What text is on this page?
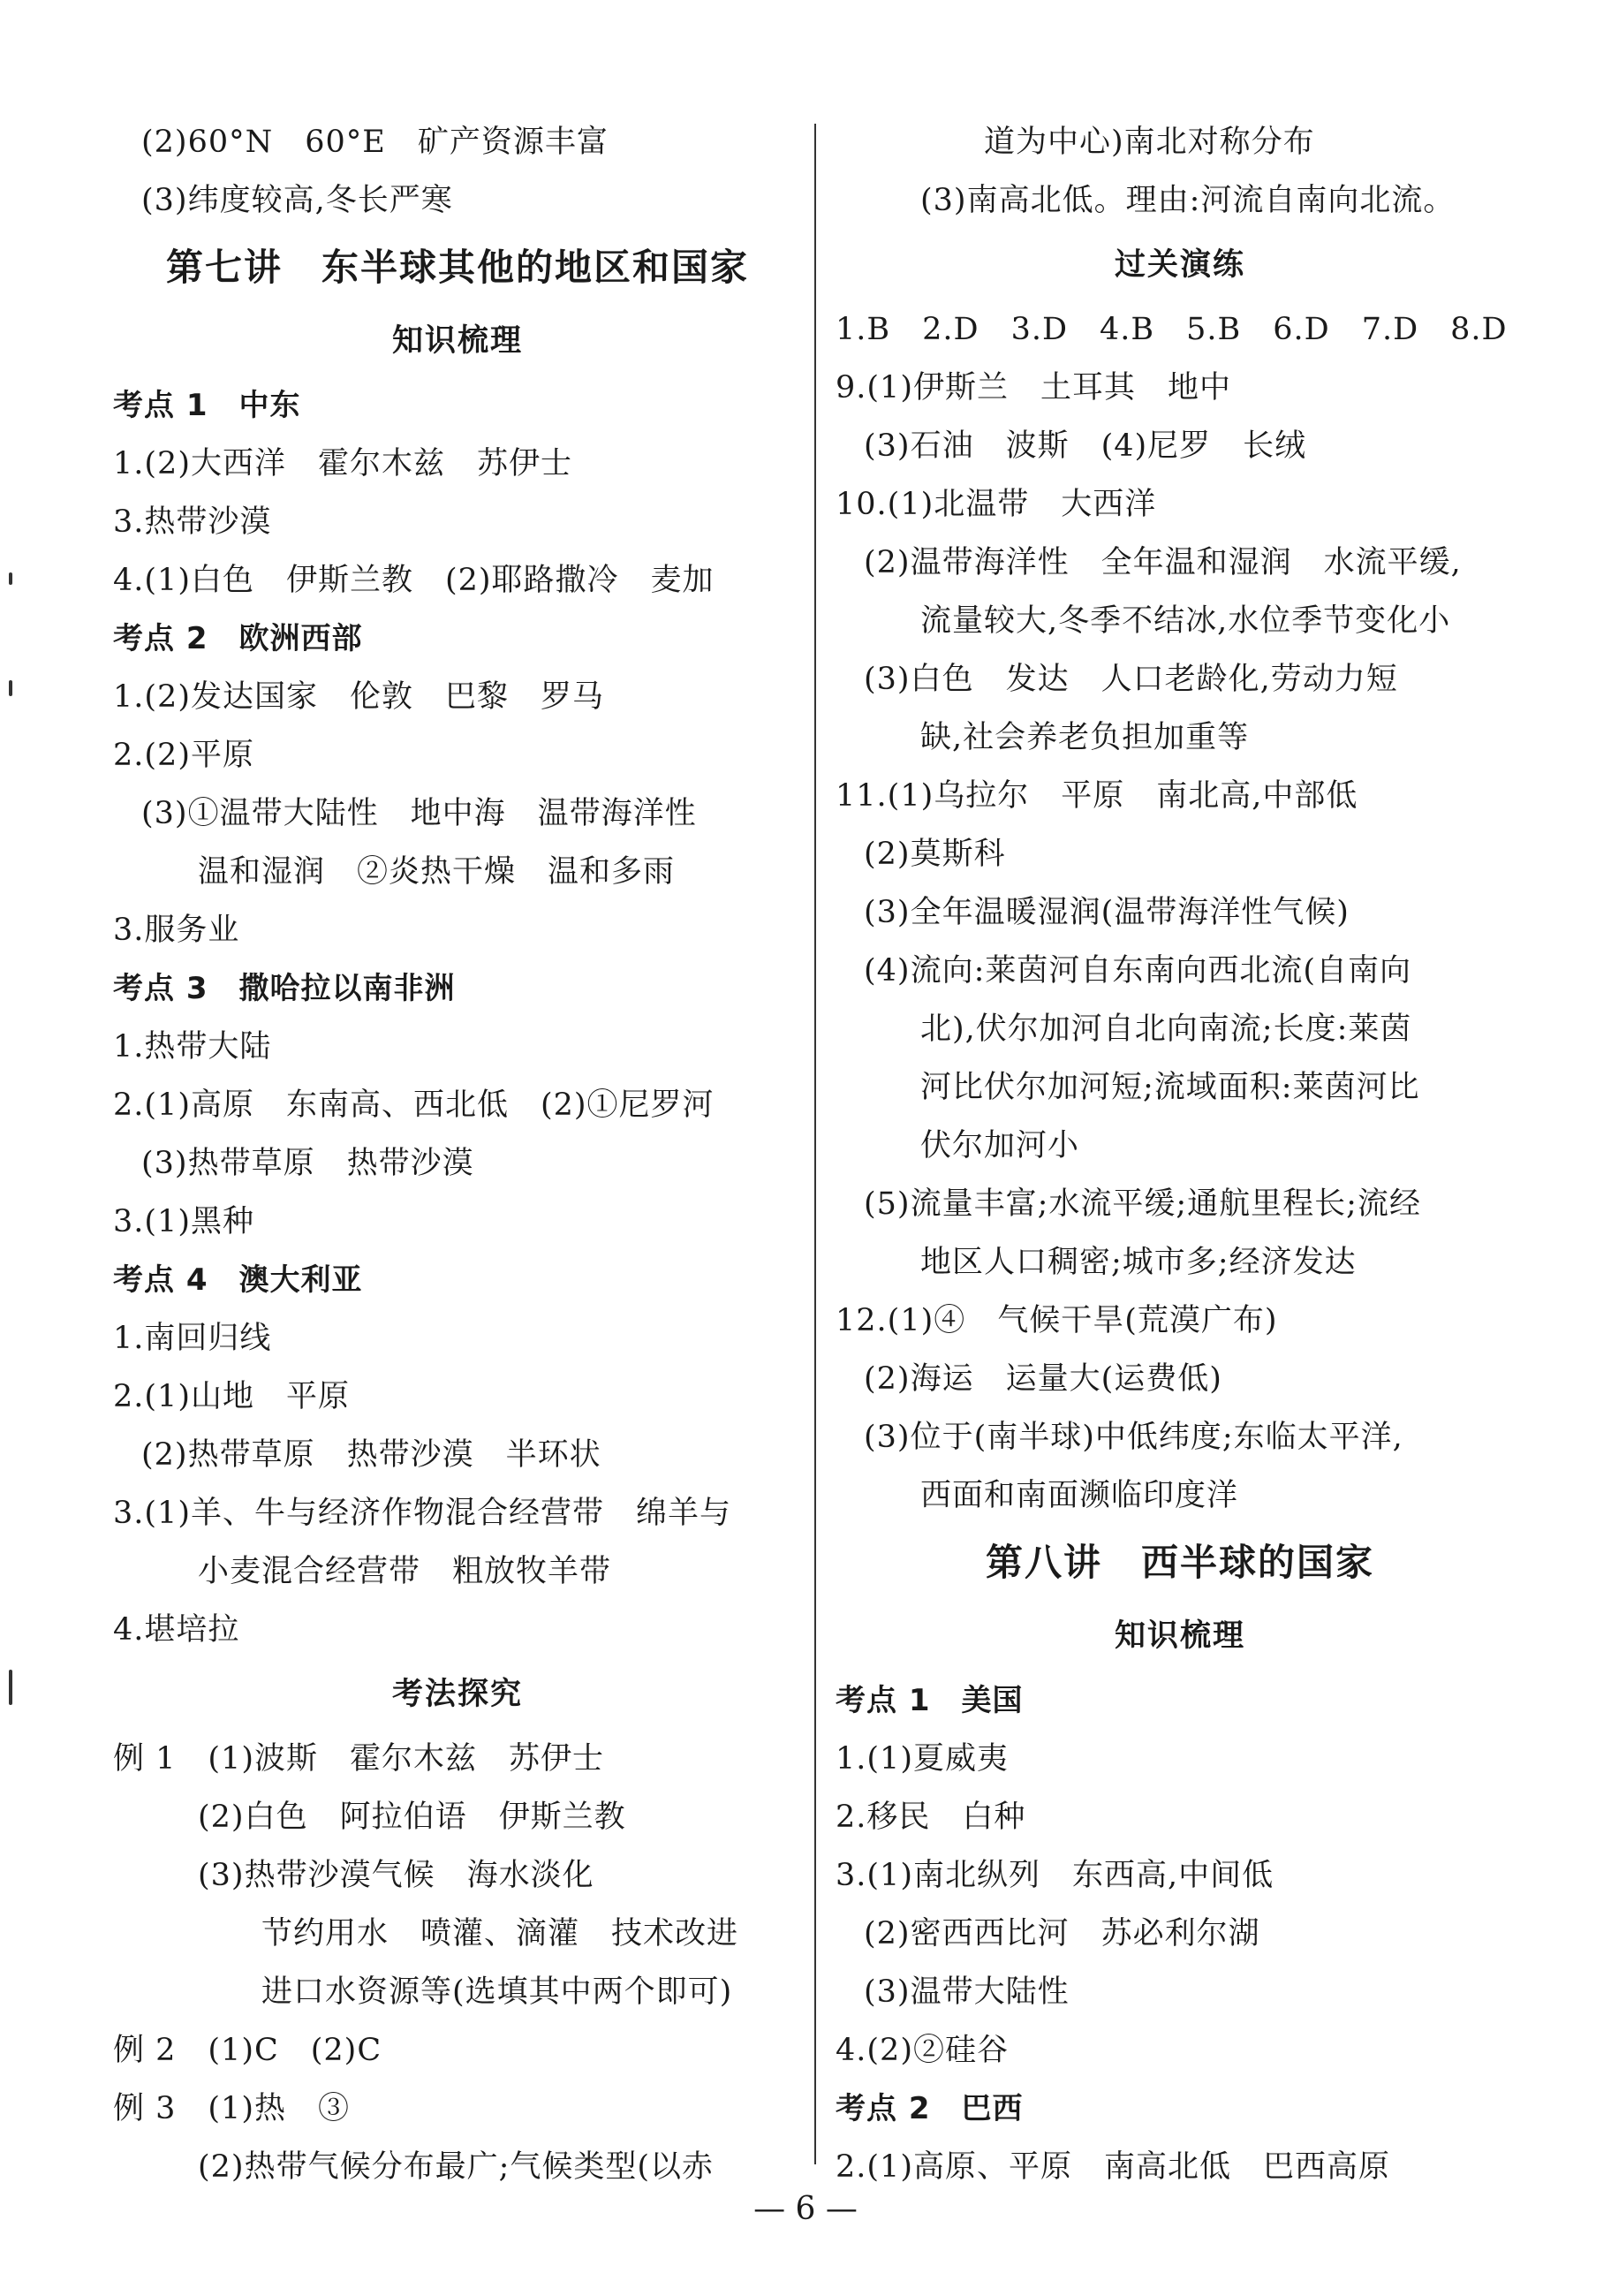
(2)60°N　60°E　矿产资源丰富
(3)纬度较高,冬长严寒
第七讲　东半球其他的地区和国家
知识梳理
考点 1　中东
1.(2)大西洋　霍尔木兹　苏伊士
3.热带沙漠
4.(1)白色　伊斯兰教　(2)耶路撒冷　麦加
考点 2　欧洲西部
1.(2)发达国家　伦敦　巴黎　罗马
2.(2)平原
(3)①温带大陆性　地中海　温带海洋性
温和湿润　②炎热干燥　温和多雨
3.服务业
考点 3　撒哈拉以南非洲
1.热带大陆
2.(1)高原　东南高、西北低　(2)①尼罗河
(3)热带草原　热带沙漠
3.(1)黑种
考点 4　澳大利亚
1.南回归线
2.(1)山地　平原
(2)热带草原　热带沙漠　半环状
3.(1)羊、牛与经济作物混合经营带　绵羊与
小麦混合经营带　粗放牧羊带
4.堪培拉
考法探究
例 1　(1)波斯　霍尔木兹　苏伊士
(2)白色　阿拉伯语　伊斯兰教
(3)热带沙漠气候　海水淡化
节约用水　喷灌、滴灌　技术改进
进口水资源等(选填其中两个即可)
例 2　(1)C　(2)C
例 3　(1)热　③
(2)热带气候分布最广;气候类型(以赤
道为中心)南北对称分布
(3)南高北低。理由:河流自南向北流。
过关演练
1.B　2.D　3.D　4.B　5.B　6.D　7.D　8.D
9.(1)伊斯兰　土耳其　地中
(3)石油　波斯　(4)尼罗　长绒
10.(1)北温带　大西洋
(2)温带海洋性　全年温和湿润　水流平缓,
流量较大,冬季不结冰,水位季节变化小
(3)白色　发达　人口老龄化,劳动力短
缺,社会养老负担加重等
11.(1)乌拉尔　平原　南北高,中部低
(2)莫斯科
(3)全年温暖湿润(温带海洋性气候)
(4)流向:莱茵河自东南向西北流(自南向
北),伏尔加河自北向南流;长度:莱茵
河比伏尔加河短;流域面积:莱茵河比
伏尔加河小
(5)流量丰富;水流平缓;通航里程长;流经
地区人口稠密;城市多;经济发达
12.(1)④　气候干旱(荒漠广布)
(2)海运　运量大(运费低)
(3)位于(南半球)中低纬度;东临太平洋,
西面和南面濒临印度洋
第八讲　西半球的国家
知识梳理
考点 1　美国
1.(1)夏威夷
2.移民　白种
3.(1)南北纵列　东西高,中间低
(2)密西西比河　苏必利尔湖
(3)温带大陆性
4.(2)②硅谷
考点 2　巴西
2.(1)高原、平原　南高北低　巴西高原
— 6 —
